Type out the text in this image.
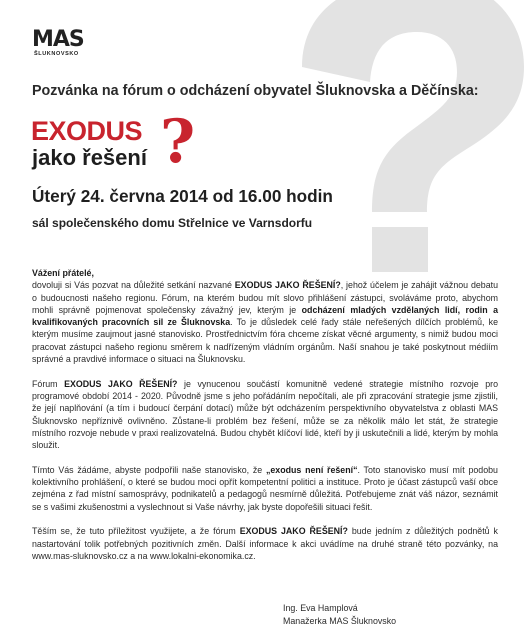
MAS
ŠLUKNOVSKO
Pozvánka na fórum o odcházení obyvatel Šluknovska a Děčínska:
EXODUS
jako řešení ?
Úterý 24. června 2014 od 16.00 hodin
sál společenského domu Střelnice ve Varnsdorfu

Vážení přátelé,
dovoluji si Vás pozvat na důležité setkání nazvané EXODUS JAKO ŘEŠENÍ?, jehož účelem je zahájit vážnou debatu o budoucnosti našeho regionu. Fórum, na kterém budou mít slovo přihlášení zástupci, svoláváme proto, abychom mohli správně pojmenovat společensky závažný jev, kterým je odcházení mladých vzdělaných lidí, rodin a kvalifikovaných pracovních sil ze Šluknovska. To je důsledek celé řady stále neřešených dílčích problémů, ke kterým musíme zaujmout jasné stanovisko. Prostřednictvím fóra chceme získat věcné argumenty, s nimiž budou moci pracovat zástupci našeho regionu směrem k nadřízeným vládním orgánům. Naší snahou je také poskytnout médiím správné a pravdivé informace o situaci na Šluknovsku.

Fórum EXODUS JAKO ŘEŠENÍ? je vynucenou součástí komunitně vedené strategie místního rozvoje pro programové období 2014 - 2020. Původně jsme s jeho pořádáním nepočítali, ale při zpracování strategie jsme zjistili, že její naplňování (a tím i budoucí čerpání dotací) může být odcházením perspektivního obyvatelstva z oblasti MAS Šluknovsko nepříznivě ovlivněno. Zůstane-li problém bez řešení, může se za několik málo let stát, že strategie místního rozvoje nebude v praxi realizovatelná. Budou chybět klíčoví lidé, kteří by ji uskutečnili a lidé, kterým by mohla sloužit.

Tímto Vás žádáme, abyste podpořili naše stanovisko, že „exodus není řešení“. Toto stanovisko musí mít podobu kolektivního prohlášení, o které se budou moci opřít kompetentní politici a instituce. Proto je účast zástupců vaší obce zejména z řad místní samosprávy, podnikatelů a pedagogů nesmírně důležitá. Potřebujeme znát váš názor, seznámit se s vašimi zkušenostmi a vyslechnout si Vaše návrhy, jak byste dopořešili situaci řešit.

Těším se, že tuto příležitost využijete, a že fórum EXODUS JAKO ŘEŠENÍ? bude jedním z důležitých podnětů k nastartování tolik potřebných pozitivních změn. Další informace k akci uvádíme na druhé straně této pozvánky, na www.mas-sluknovsko.cz a na www.lokalni-ekonomika.cz.

Ing. Eva Hamplová
Manažerka MAS Šluknovsko
